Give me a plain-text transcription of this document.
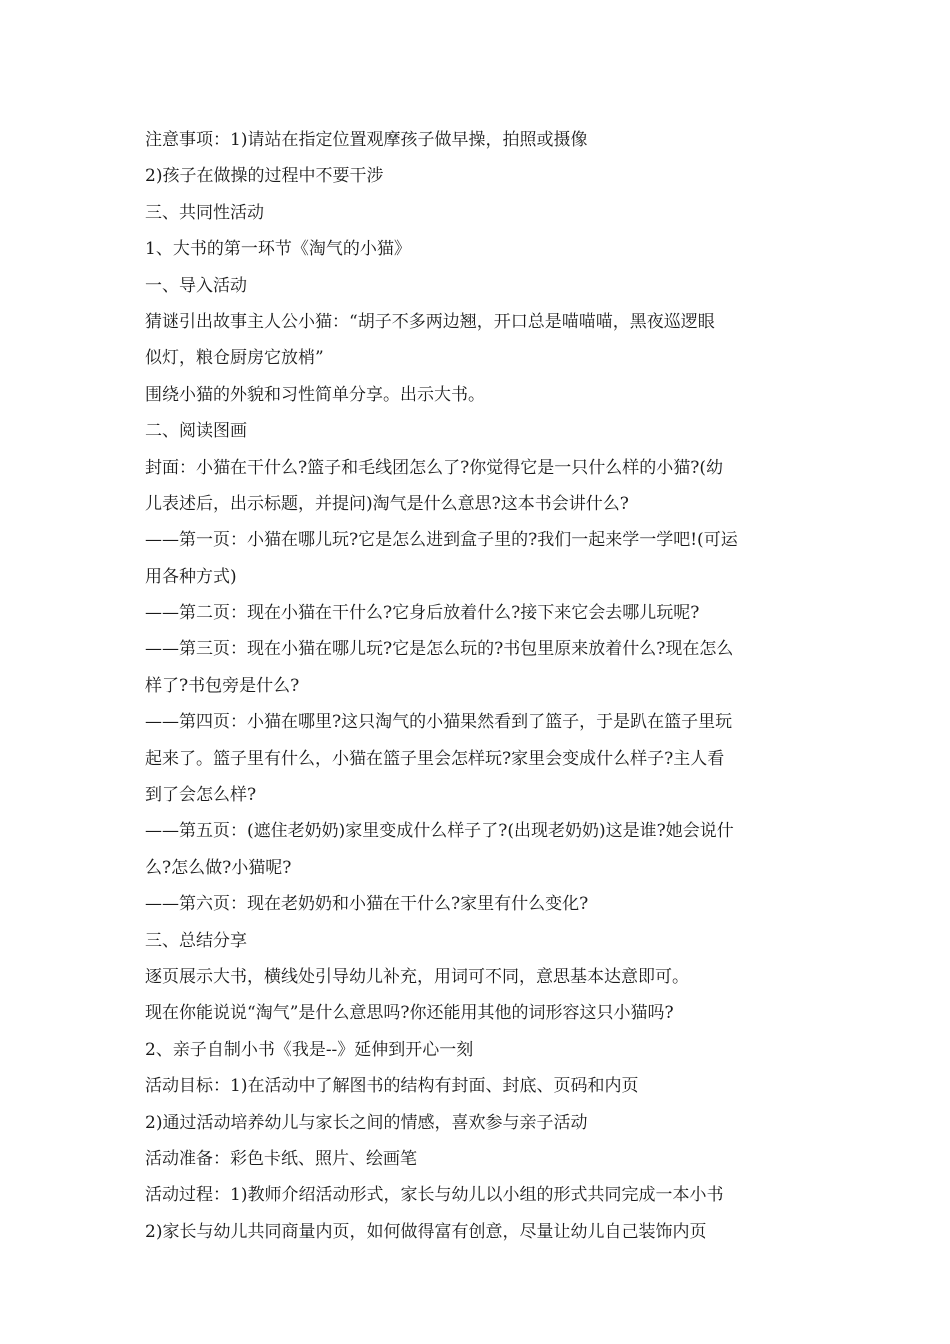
注意事项：1)请站在指定位置观摩孩子做早操，拍照或摄像
2)孩子在做操的过程中不要干涉
三、共同性活动
1、大书的第一环节《淘气的小猫》
一、导入活动
猜谜引出故事主人公小猫：“胡子不多两边翘，开口总是喵喵喵，黑夜巡逻眼
似灯，粮仓厨房它放梢”
围绕小猫的外貌和习性简单分享。出示大书。
二、阅读图画
封面：小猫在干什么?篮子和毛线团怎么了?你觉得它是一只什么样的小猫?(幼
儿表述后，出示标题，并提问)淘气是什么意思?这本书会讲什么?
——第一页：小猫在哪儿玩?它是怎么进到盒子里的?我们一起来学一学吧!(可运
用各种方式)
——第二页：现在小猫在干什么?它身后放着什么?接下来它会去哪儿玩呢?
——第三页：现在小猫在哪儿玩?它是怎么玩的?书包里原来放着什么?现在怎么
样了?书包旁是什么?
——第四页：小猫在哪里?这只淘气的小猫果然看到了篮子，于是趴在篮子里玩
起来了。篮子里有什么，小猫在篮子里会怎样玩?家里会变成什么样子?主人看
到了会怎么样?
——第五页：(遮住老奶奶)家里变成什么样子了?(出现老奶奶)这是谁?她会说什
么?怎么做?小猫呢?
——第六页：现在老奶奶和小猫在干什么?家里有什么变化?
三、总结分享
逐页展示大书，横线处引导幼儿补充，用词可不同，意思基本达意即可。
现在你能说说“淘气”是什么意思吗?你还能用其他的词形容这只小猫吗?
2、亲子自制小书《我是--》延伸到开心一刻
活动目标：1)在活动中了解图书的结构有封面、封底、页码和内页
2)通过活动培养幼儿与家长之间的情感，喜欢参与亲子活动
活动准备：彩色卡纸、照片、绘画笔
活动过程：1)教师介绍活动形式，家长与幼儿以小组的形式共同完成一本小书
2)家长与幼儿共同商量内页，如何做得富有创意，尽量让幼儿自己装饰内页
